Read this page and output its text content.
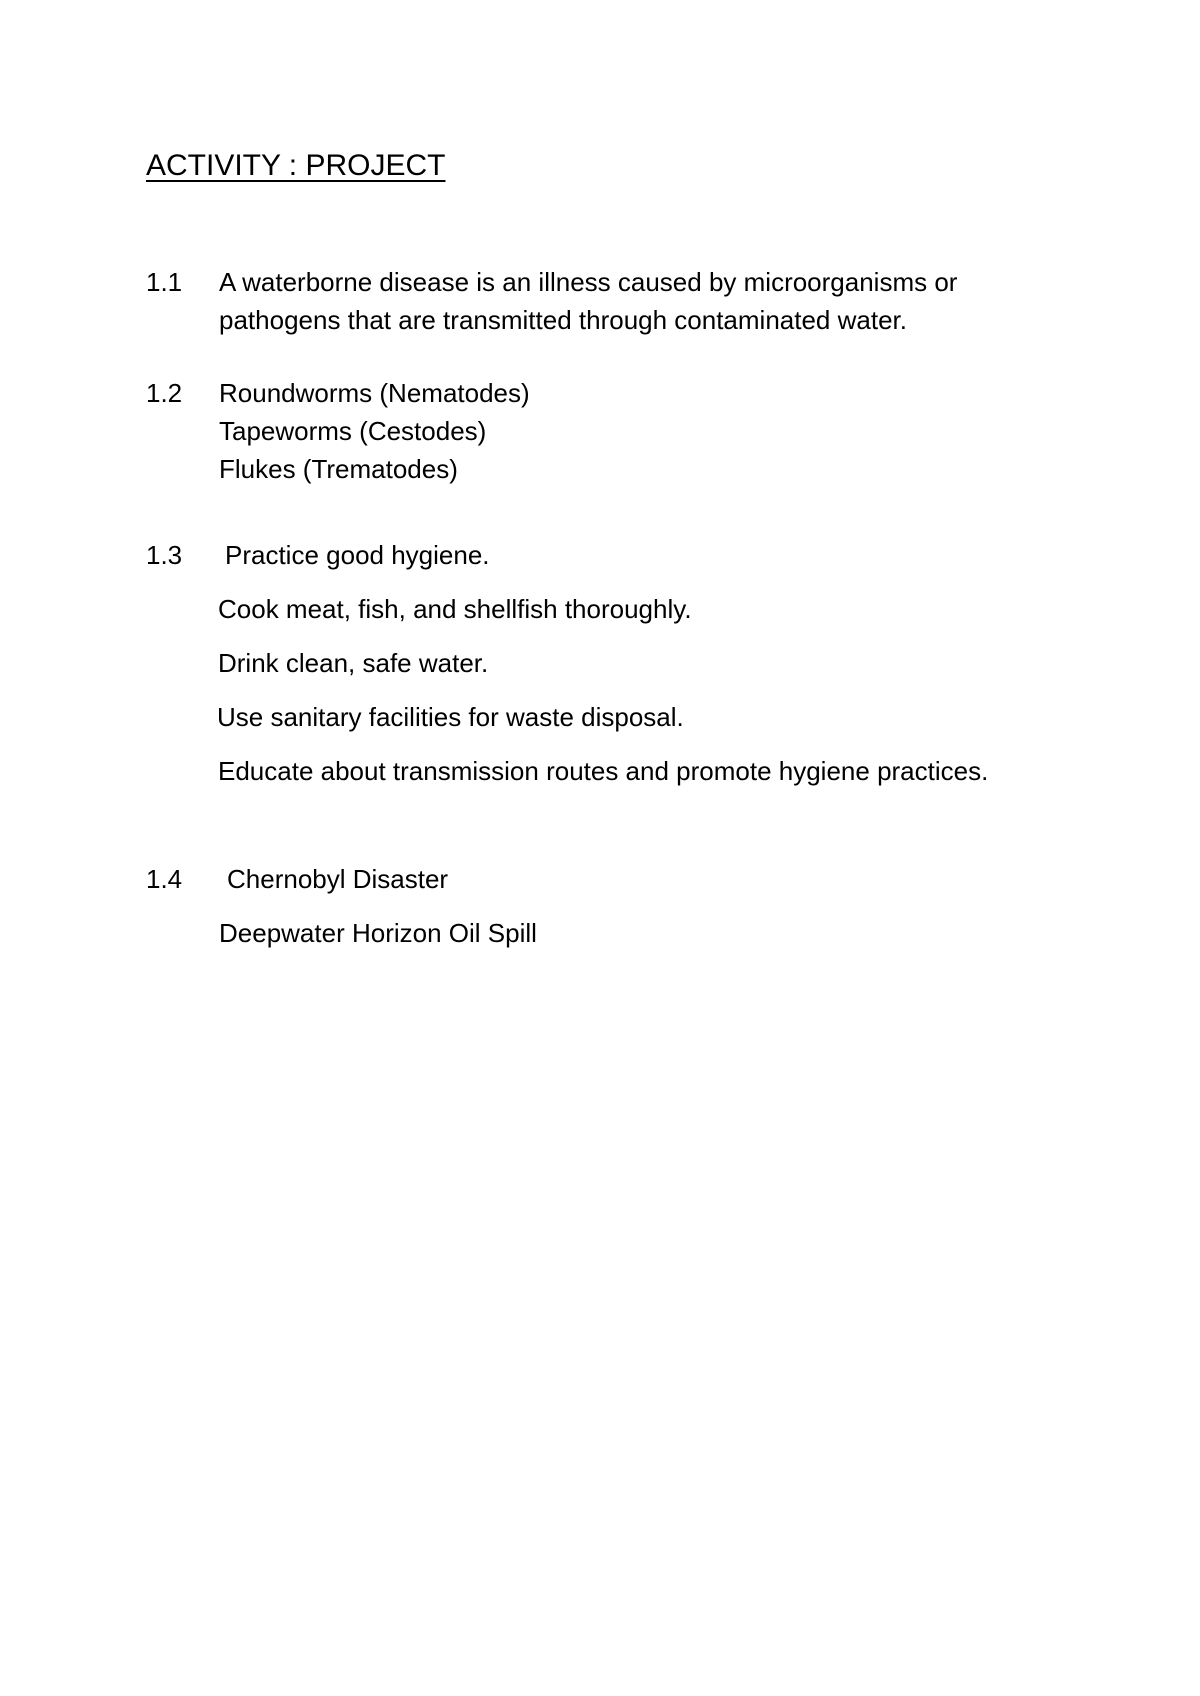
ACTIVITY : PROJECT
1.1 A waterborne disease is an illness caused by microorganisms or
pathogens that are transmitted through contaminated water.
1.2 Roundworms (Nematodes)
Tapeworms (Cestodes)
Flukes (Trematodes)
1.3 Practice good hygiene.
Cook meat, fish, and shellfish thoroughly.
Drink clean, safe water.
Use sanitary facilities for waste disposal.
Educate about transmission routes and promote hygiene practices.
1.4 Chernobyl Disaster
Deepwater Horizon Oil Spill
